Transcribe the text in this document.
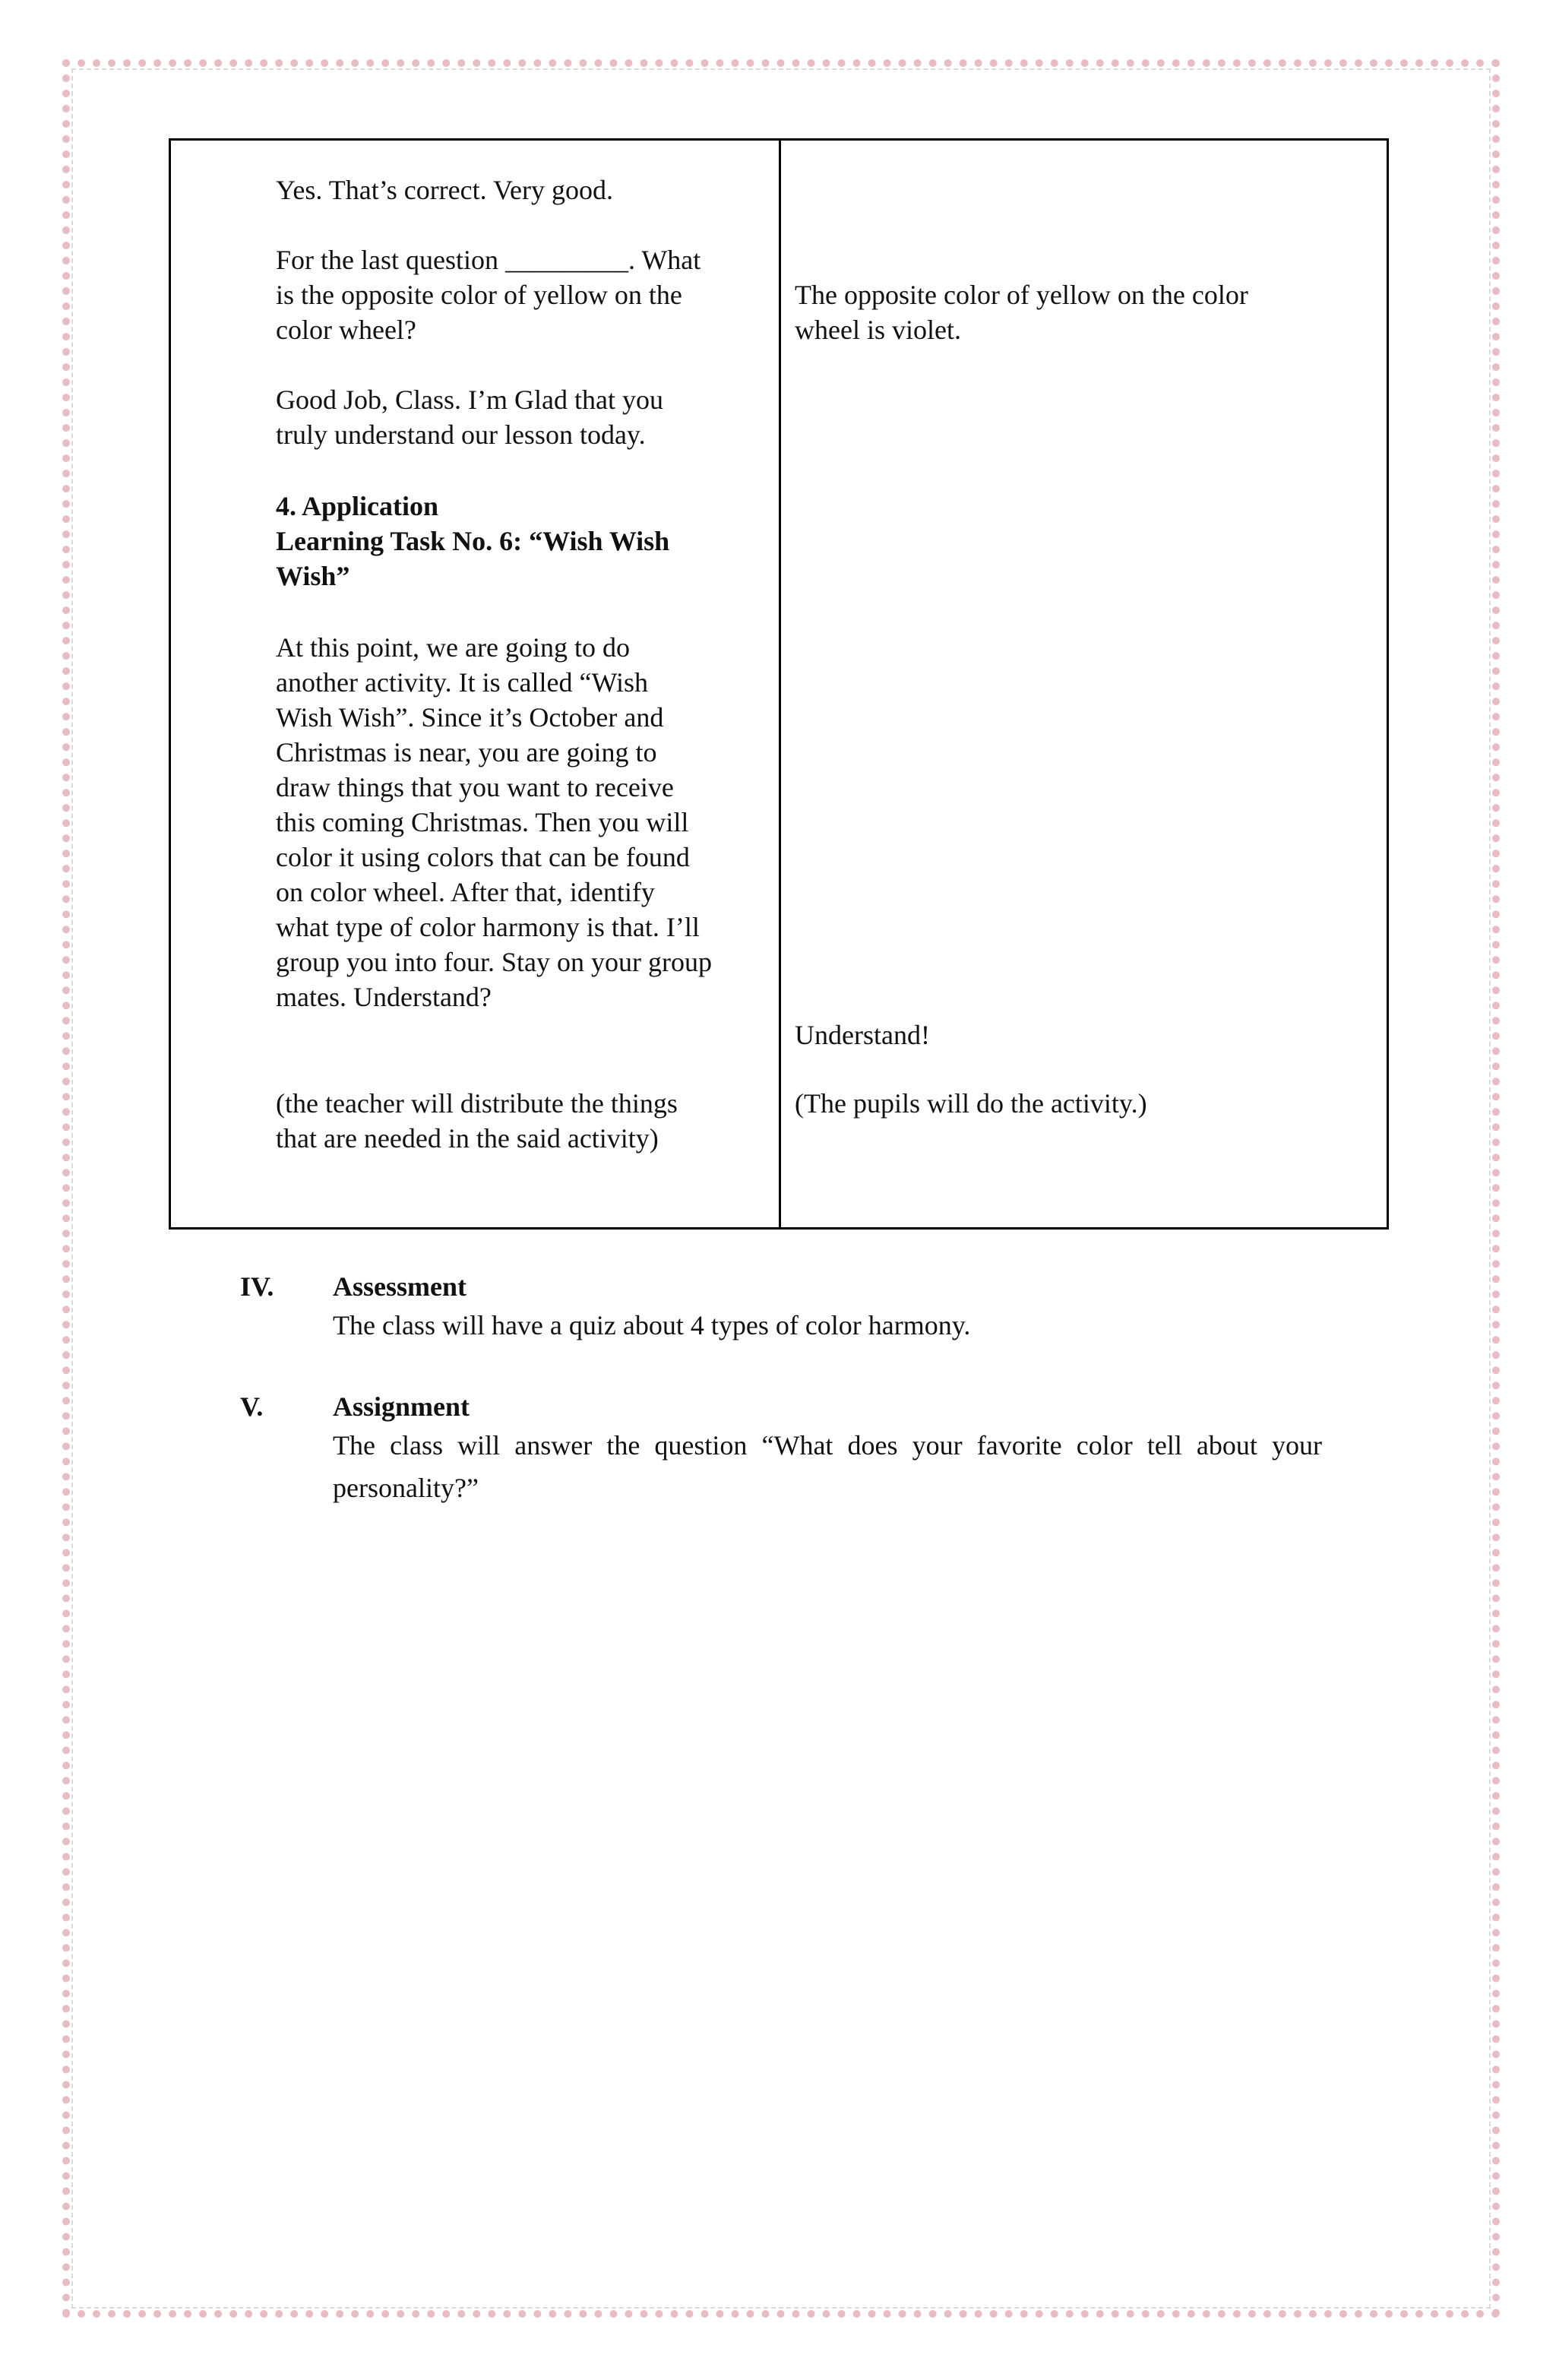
Yes. That’s correct. Very good.
For the last question _________. What
is the opposite color of yellow on the
color wheel?
Good Job, Class. I’m Glad that you
truly understand our lesson today.
4. Application
Learning Task No. 6: “Wish Wish
Wish”
At this point, we are going to do
another activity. It is called “Wish
Wish Wish”. Since it’s October and
Christmas is near, you are going to
draw things that you want to receive
this coming Christmas. Then you will
color it using colors that can be found
on color wheel. After that, identify
what type of color harmony is that. I’ll
group you into four. Stay on your group
mates. Understand?
(the teacher will distribute the things
that are needed in the said activity)
The opposite color of yellow on the color
wheel is violet.
Understand!
(The pupils will do the activity.)
IV. Assessment
The class will have a quiz about 4 types of color harmony.
V.	Assignment
The class will answer the question “What does your favorite color tell about your personality?”
